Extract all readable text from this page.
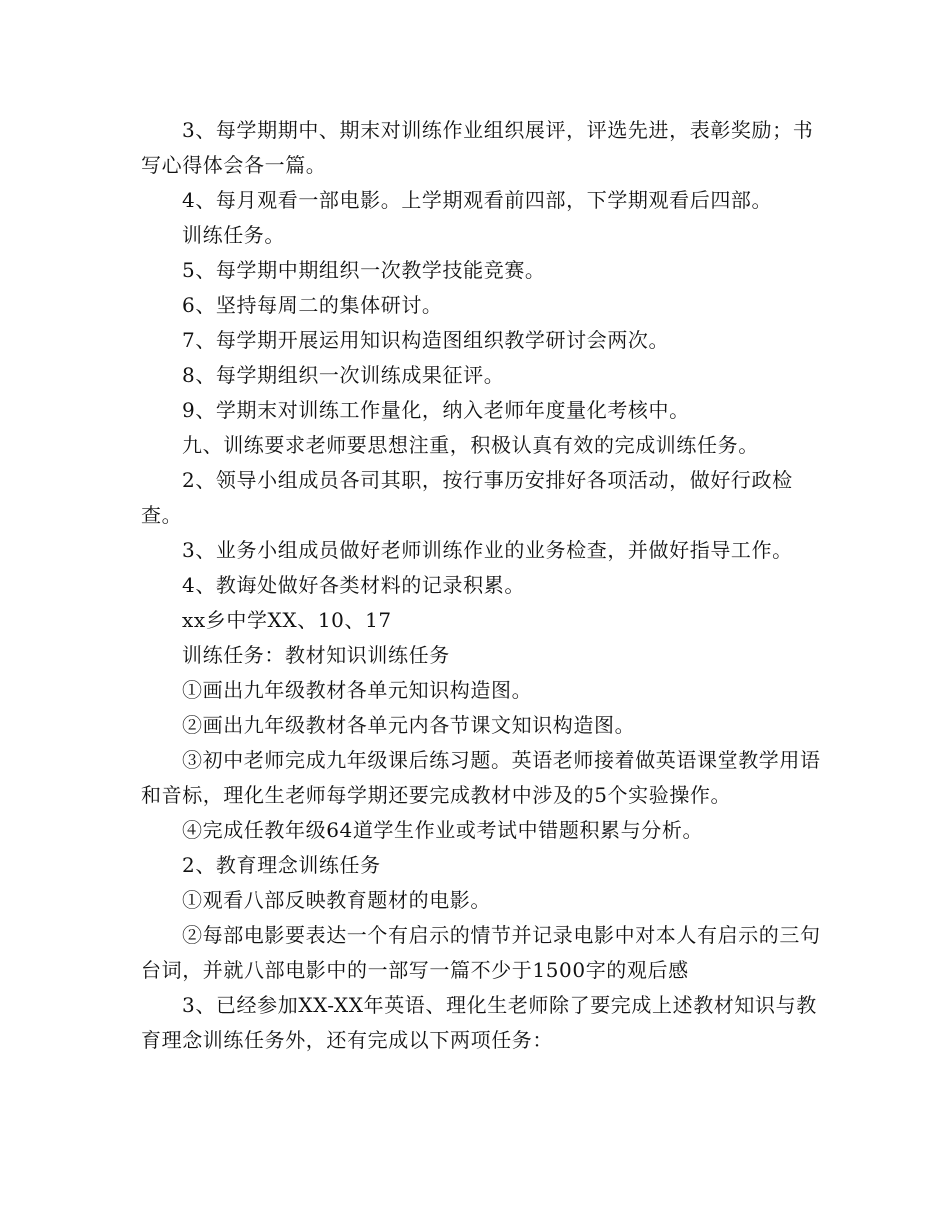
3、每学期期中、期末对训练作业组织展评，评选先进，表彰奖励；书写心得体会各一篇。

4、每月观看一部电影。上学期观看前四部，下学期观看后四部。

训练任务。

5、每学期中期组织一次教学技能竞赛。

6、坚持每周二的集体研讨。

7、每学期开展运用知识构造图组织教学研讨会两次。

8、每学期组织一次训练成果征评。

9、学期末对训练工作量化，纳入老师年度量化考核中。

九、训练要求老师要思想注重，积极认真有效的完成训练任务。

2、领导小组成员各司其职，按行事历安排好各项活动，做好行政检查。

3、业务小组成员做好老师训练作业的业务检查，并做好指导工作。

4、教诲处做好各类材料的记录积累。

xx乡中学XX、10、17

训练任务：教材知识训练任务

①画出九年级教材各单元知识构造图。

②画出九年级教材各单元内各节课文知识构造图。

③初中老师完成九年级课后练习题。英语老师接着做英语课堂教学用语和音标，理化生老师每学期还要完成教材中涉及的5个实验操作。

④完成任教年级64道学生作业或考试中错题积累与分析。

2、教育理念训练任务

①观看八部反映教育题材的电影。

②每部电影要表达一个有启示的情节并记录电影中对本人有启示的三句台词，并就八部电影中的一部写一篇不少于1500字的观后感

3、已经参加XX-XX年英语、理化生老师除了要完成上述教材知识与教育理念训练任务外，还有完成以下两项任务：
